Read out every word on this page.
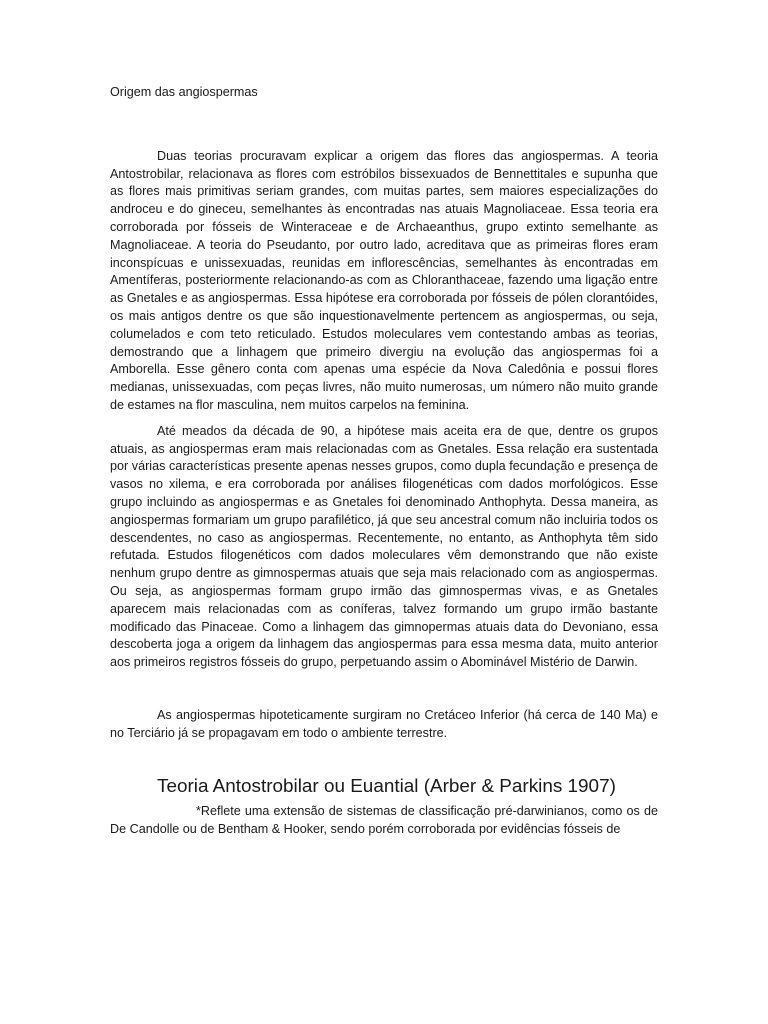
Origem das angiospermas

Duas teorias procuravam explicar a origem das flores das angiospermas. A teoria Antostrobilar, relacionava as flores com estróbilos bissexuados de Bennettitales e supunha que as flores mais primitivas seriam grandes, com muitas partes, sem maiores especializações do androceu e do gineceu, semelhantes às encontradas nas atuais Magnoliaceae. Essa teoria era corroborada por fósseis de Winteraceae e de Archaeanthus, grupo extinto semelhante as Magnoliaceae. A teoria do Pseudanto, por outro lado, acreditava que as primeiras flores eram inconspícuas e unissexuadas, reunidas em inflorescências, semelhantes às encontradas em Amentíferas, posteriormente relacionando-as com as Chloranthaceae, fazendo uma ligação entre as Gnetales e as angiospermas. Essa hipótese era corroborada por fósseis de pólen clorantóides, os mais antigos dentre os que são inquestionavelmente pertencem as angiospermas, ou seja, columelados e com teto reticulado. Estudos moleculares vem contestando ambas as teorias, demostrando que a linhagem que primeiro divergiu na evolução das angiospermas foi a Amborella. Esse gênero conta com apenas uma espécie da Nova Caledônia e possui flores medianas, unissexuadas, com peças livres, não muito numerosas, um número não muito grande de estames na flor masculina, nem muitos carpelos na feminina.

Até meados da década de 90, a hipótese mais aceita era de que, dentre os grupos atuais, as angiospermas eram mais relacionadas com as Gnetales. Essa relação era sustentada por várias características presente apenas nesses grupos, como dupla fecundação e presença de vasos no xilema, e era corroborada por análises filogenéticas com dados morfológicos. Esse grupo incluindo as angiospermas e as Gnetales foi denominado Anthophyta. Dessa maneira, as angiospermas formariam um grupo parafilético, já que seu ancestral comum não incluiria todos os descendentes, no caso as angiospermas. Recentemente, no entanto, as Anthophyta têm sido refutada. Estudos filogenéticos com dados moleculares vêm demonstrando que não existe nenhum grupo dentre as gimnospermas atuais que seja mais relacionado com as angiospermas. Ou seja, as angiospermas formam grupo irmão das gimnospermas vivas, e as Gnetales aparecem mais relacionadas com as coníferas, talvez formando um grupo irmão bastante modificado das Pinaceae. Como a linhagem das gimnopermas atuais data do Devoniano, essa descoberta joga a origem da linhagem das angiospermas para essa mesma data, muito anterior aos primeiros registros fósseis do grupo, perpetuando assim o Abominável Mistério de Darwin.

As angiospermas hipoteticamente surgiram no Cretáceo Inferior (há cerca de 140 Ma) e no Terciário já se propagavam em todo o ambiente terrestre.

Teoria Antostrobilar ou Euantial (Arber & Parkins 1907)

*Reflete uma extensão de sistemas de classificação pré-darwinianos, como os de De Candolle ou de Bentham & Hooker, sendo porém corroborada por evidências fósseis de
